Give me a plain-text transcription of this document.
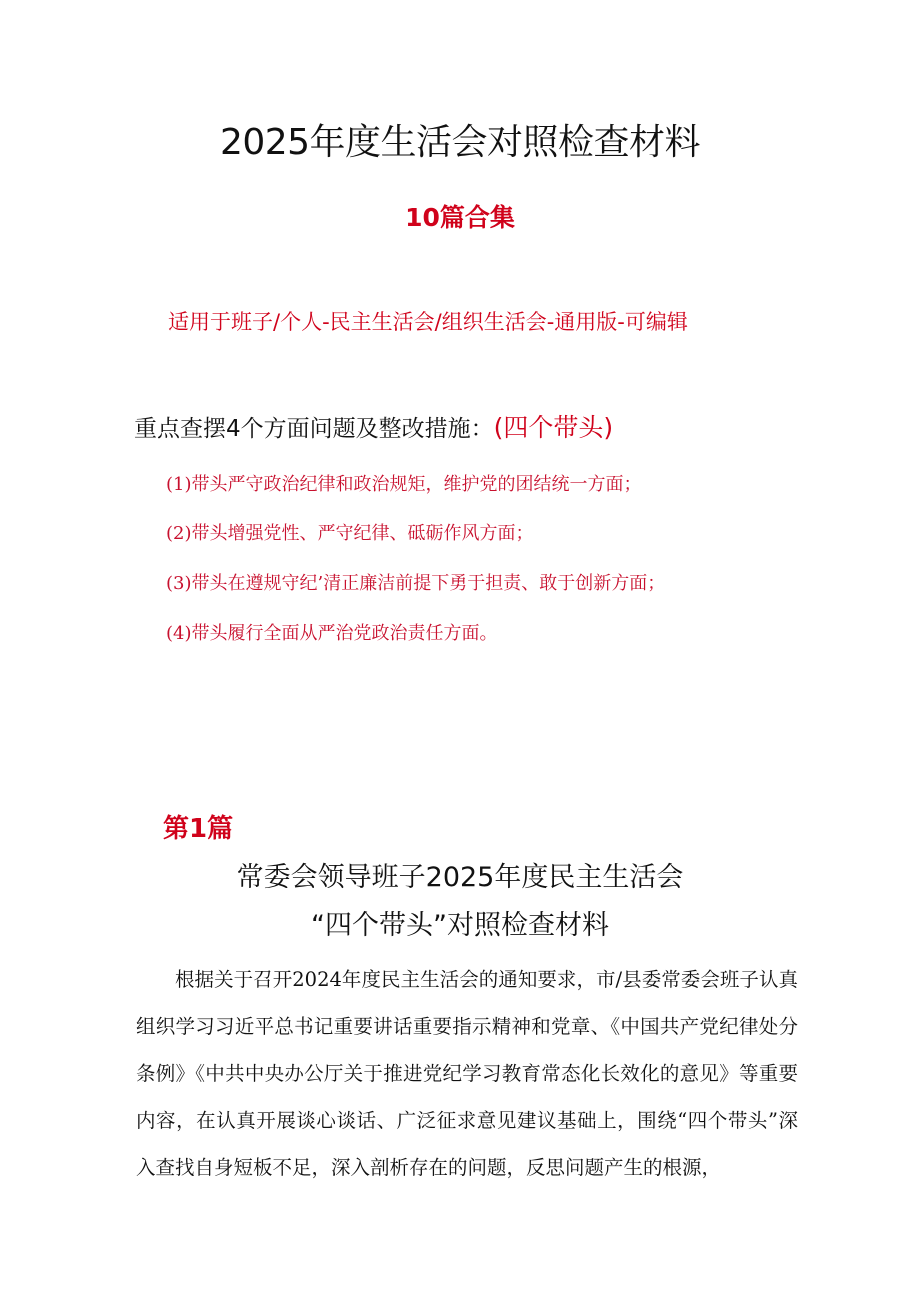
2025年度生活会对照检查材料
10篇合集
适用于班子/个人-民主生活会/组织生活会-通用版-可编辑
重点查摆4个方面问题及整改措施：(四个带头)
(1)带头严守政治纪律和政治规矩，维护党的团结统一方面；
(2)带头增强党性、严守纪律、砥砺作风方面；
(3)带头在遵规守纪’清正廉洁前提下勇于担责、敢于创新方面；
(4)带头履行全面从严治党政治责任方面。
第1篇
常委会领导班子2025年度民主生活会
“四个带头”对照检查材料

根据关于召开2024年度民主生活会的通知要求，市/县委常委会班子认真组织学习习近平总书记重要讲话重要指示精神和党章、《中国共产党纪律处分条例》《中共中央办公厅关于推进党纪学习教育常态化长效化的意见》等重要内容，在认真开展谈心谈话、广泛征求意见建议基础上，围绕“四个带头”深入查找自身短板不足，深入剖析存在的问题，反思问题产生的根源，
